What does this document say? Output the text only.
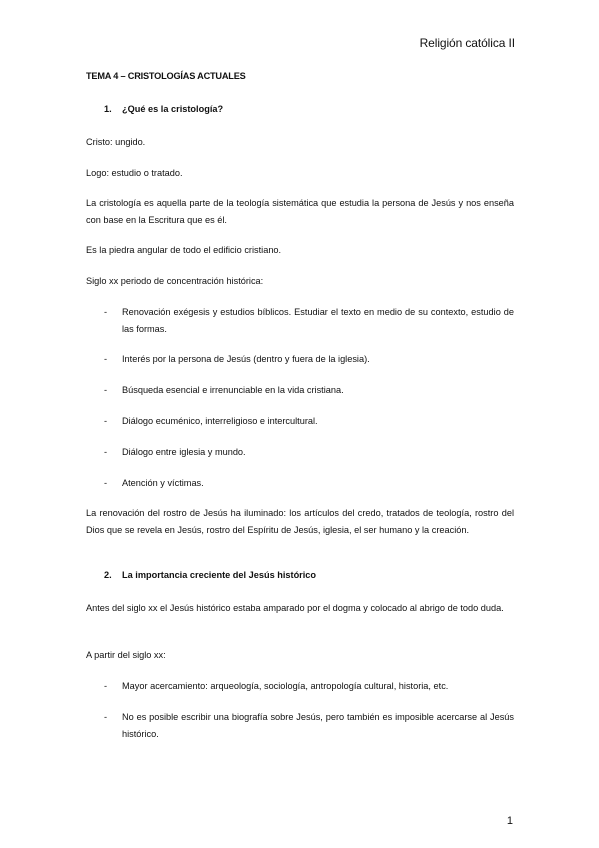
Religión católica II
TEMA 4 – CRISTOLOGÍAS ACTUALES
1. ¿Qué es la cristología?
Cristo: ungido.
Logo: estudio o tratado.
La cristología es aquella parte de la teología sistemática que estudia la persona de Jesús y nos enseña con base en la Escritura que es él.
Es la piedra angular de todo el edificio cristiano.
Siglo xx periodo de concentración histórica:
- Renovación exégesis y estudios bíblicos. Estudiar el texto en medio de su contexto, estudio de las formas.
- Interés por la persona de Jesús (dentro y fuera de la iglesia).
- Búsqueda esencial e irrenunciable en la vida cristiana.
- Diálogo ecuménico, interreligioso e intercultural.
- Diálogo entre iglesia y mundo.
- Atención y víctimas.
La renovación del rostro de Jesús ha iluminado: los artículos del credo, tratados de teología, rostro del Dios que se revela en Jesús, rostro del Espíritu de Jesús, iglesia, el ser humano y la creación.
2. La importancia creciente del Jesús histórico
Antes del siglo xx el Jesús histórico estaba amparado por el dogma y colocado al abrigo de todo duda.
A partir del siglo xx:
- Mayor acercamiento: arqueología, sociología, antropología cultural, historia, etc.
- No es posible escribir una biografía sobre Jesús, pero también es imposible acercarse al Jesús histórico.
1
